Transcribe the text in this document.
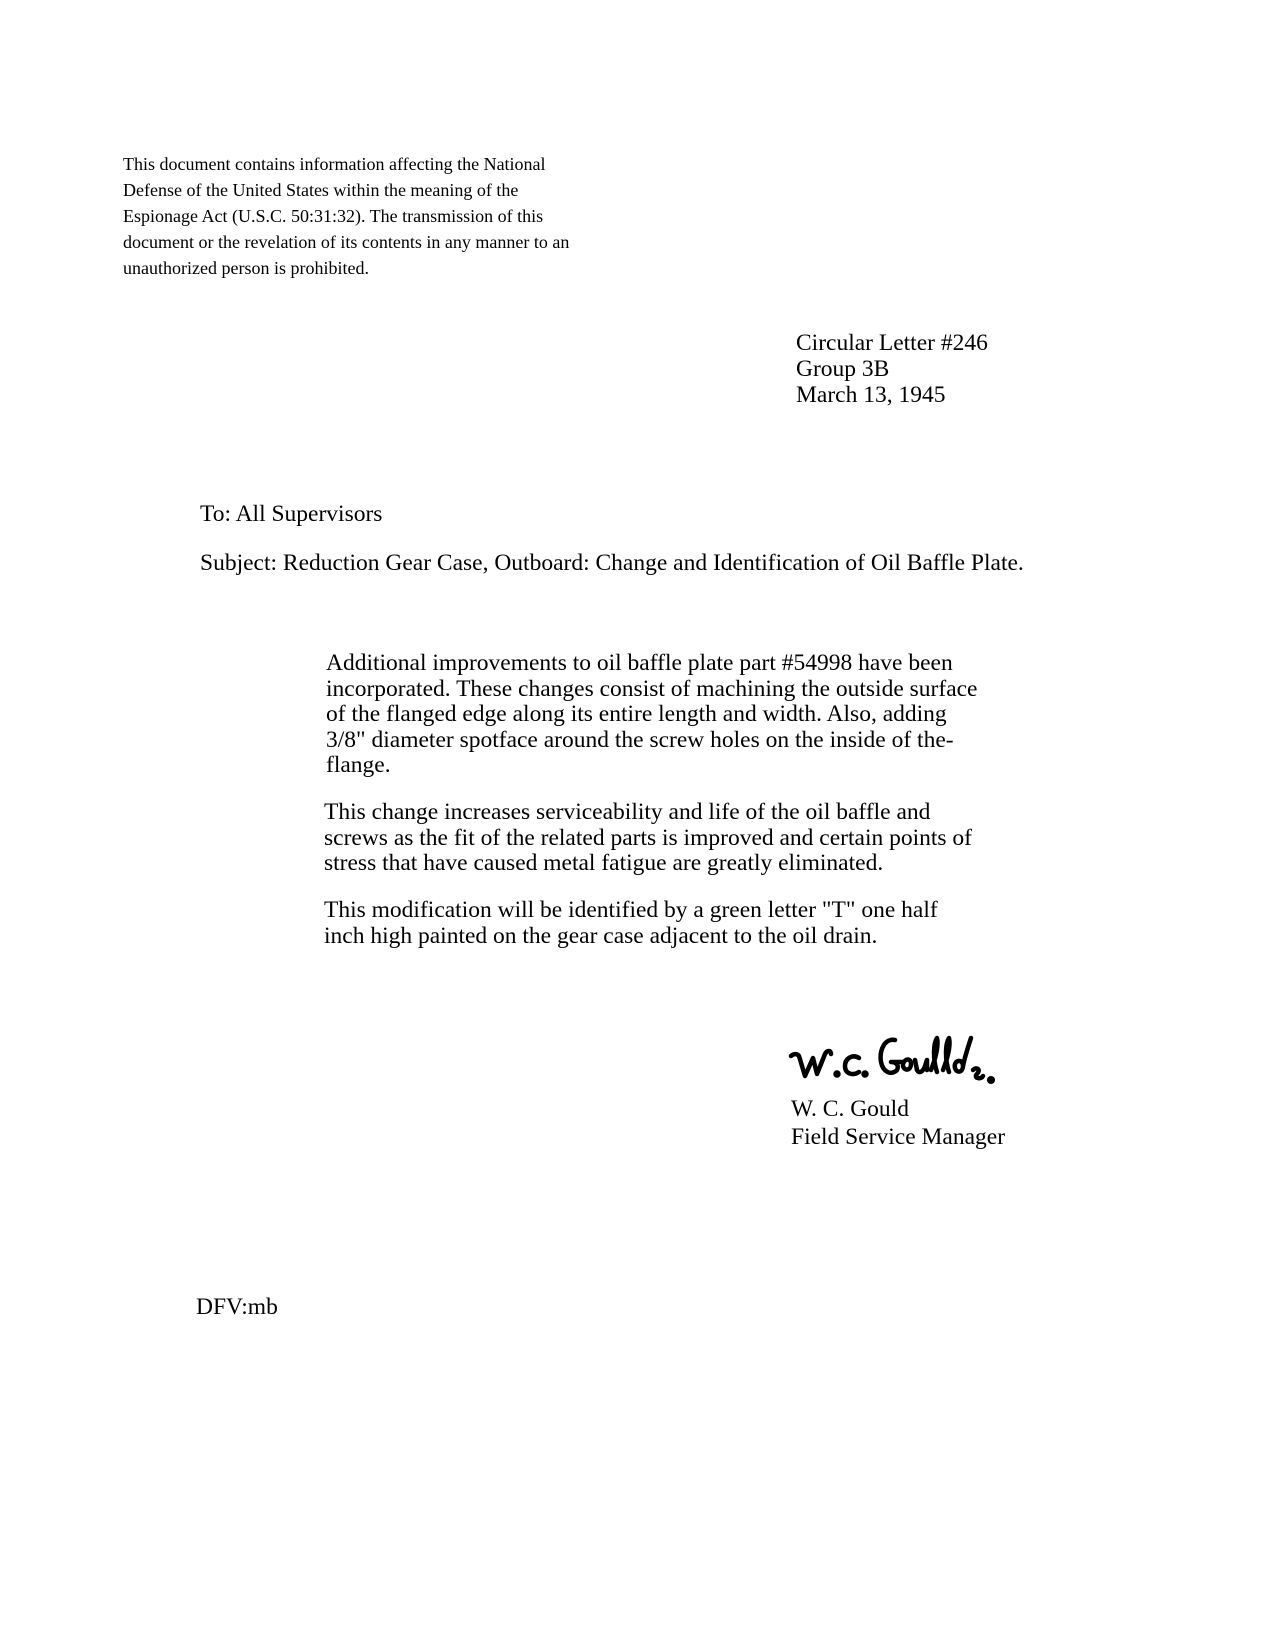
This document contains information affecting the National
Defense of the United States within the meaning of the
Espionage Act (U.S.C. 50:31:32). The transmission of this
document or the revelation of its contents in any manner to an
unauthorized person is prohibited.
Circular Letter #246
Group 3B
March 13, 1945
To: All Supervisors
Subject: Reduction Gear Case, Outboard: Change and Identification of Oil Baffle Plate.
Additional improvements to oil baffle plate part #54998 have been
incorporated. These changes consist of machining the outside surface
of the flanged edge along its entire length and width. Also, adding
3/8" diameter spotface around the screw holes on the inside of the-
flange.
This change increases serviceability and life of the oil baffle and
screws as the fit of the related parts is improved and certain points of
stress that have caused metal fatigue are greatly eliminated.
This modification will be identified by a green letter "T" one half
inch high painted on the gear case adjacent to the oil drain.
W. C. Gould
Field Service Manager
DFV:mb
